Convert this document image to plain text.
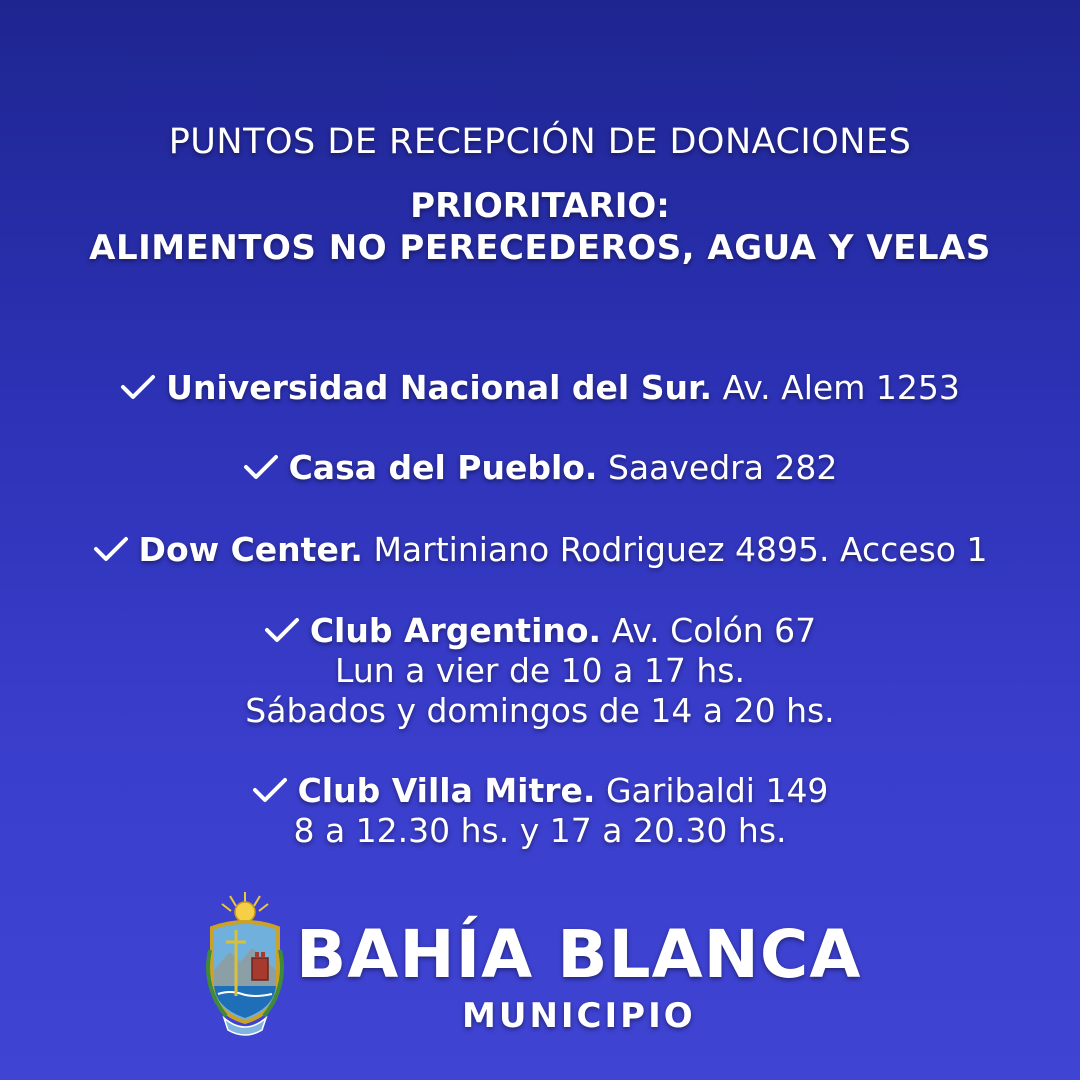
PUNTOS DE RECEPCIÓN DE DONACIONES
PRIORITARIO:
ALIMENTOS NO PERECEDEROS, AGUA Y VELAS
Universidad Nacional del Sur. Av. Alem 1253
Casa del Pueblo. Saavedra 282
Dow Center. Martiniano Rodriguez 4895. Acceso 1
Club Argentino. Av. Colón 67
Lun a vier de 10 a 17 hs.
Sábados y domingos de 14 a 20 hs.
Club Villa Mitre. Garibaldi 149
8 a 12.30 hs. y 17 a 20.30 hs.
BAHÍA BLANCA
MUNICIPIO
